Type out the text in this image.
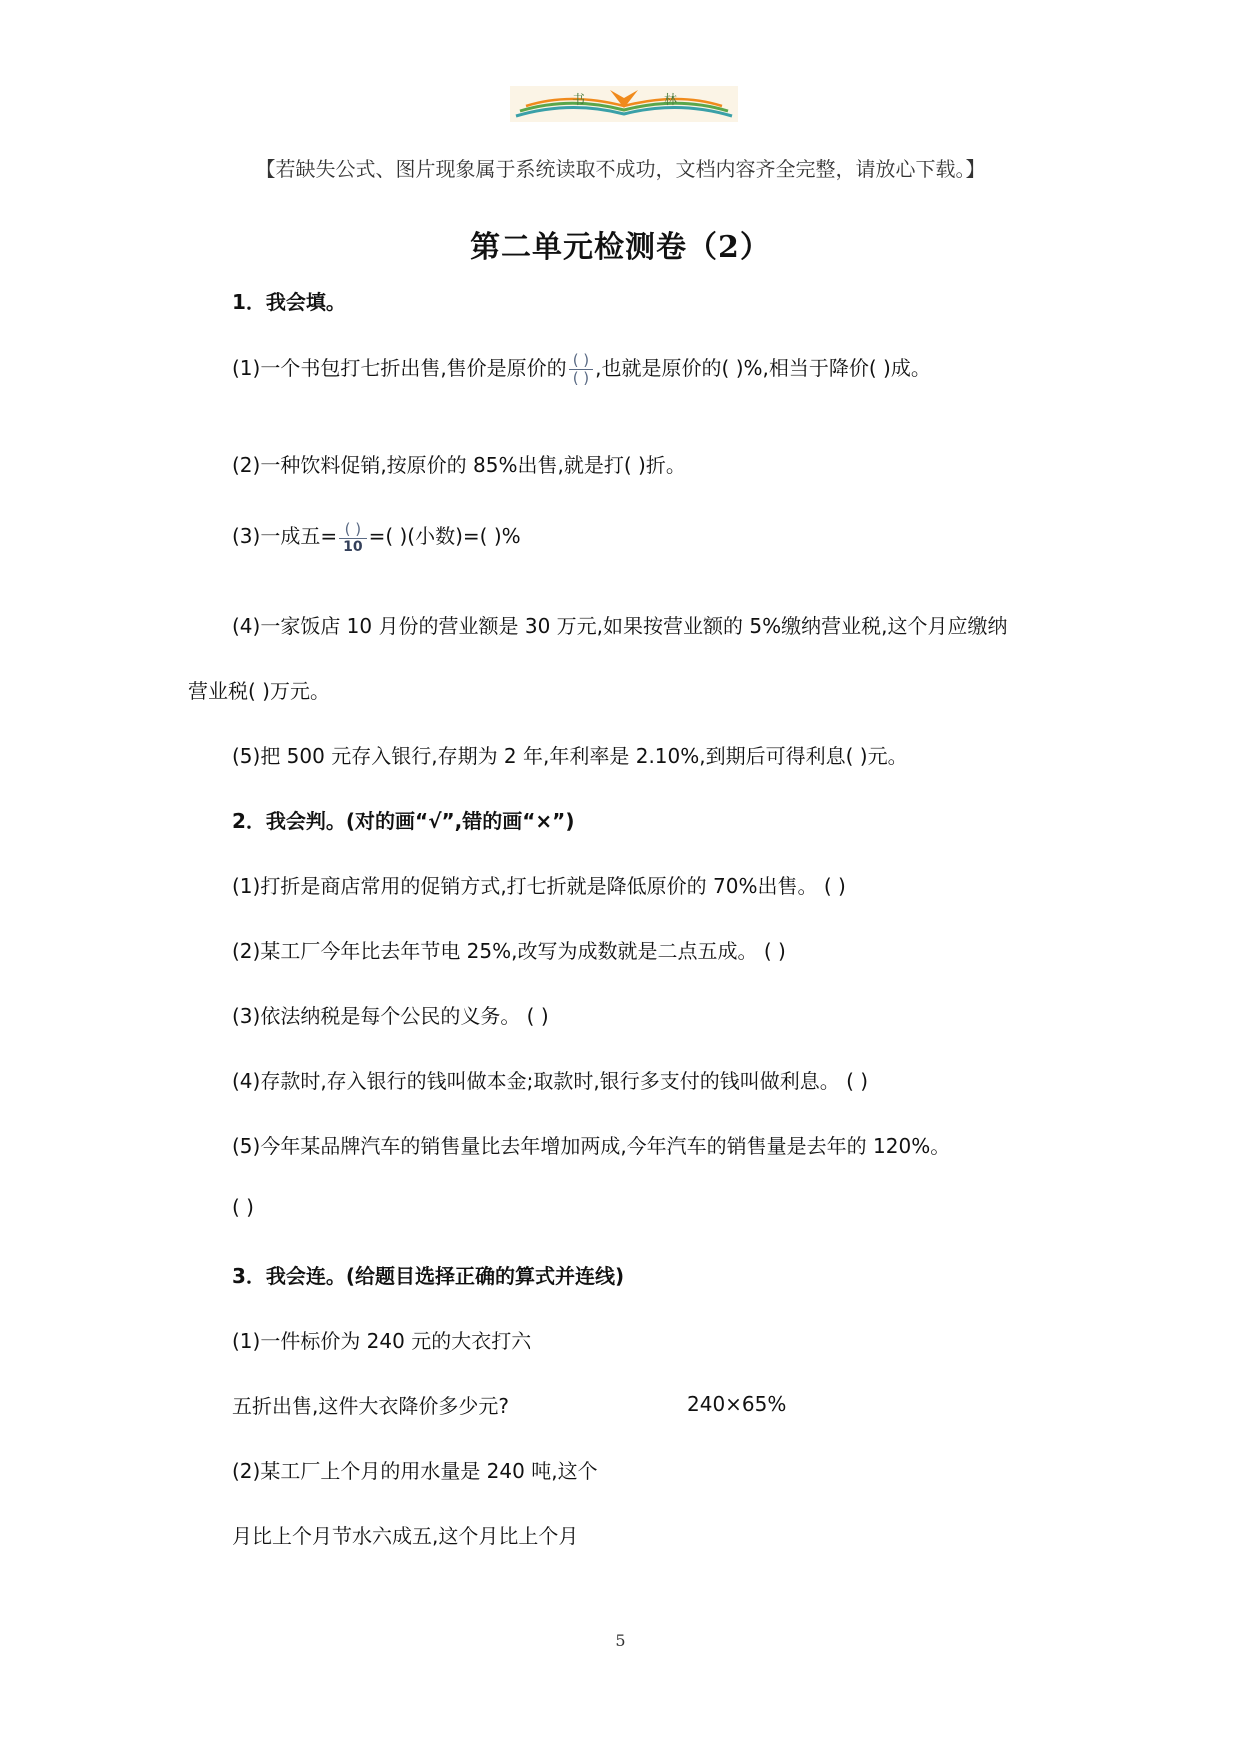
书	林
【若缺失公式、图片现象属于系统读取不成功，文档内容齐全完整，请放心下载。】
第二单元检测卷（2）
1．我会填。
(1)一个书包打七折出售,售价是原价的 $\frac{( )}{( )}$ ,也就是原价的( )%,相当于降价( )成。
(2)一种饮料促销,按原价的 85%出售,就是打( )折。
(3)一成五= $\frac{( )}{10}$ =( )(小数)=( )%
(4)一家饭店 10 月份的营业额是 30 万元,如果按营业额的 5%缴纳营业税,这个月应缴纳
营业税( )万元。
(5)把 500 元存入银行,存期为 2 年,年利率是 2.10%,到期后可得利息( )元。
2．我会判。(对的画“√”,错的画“×”)
(1)打折是商店常用的促销方式,打七折就是降低原价的 70%出售。 ( )
(2)某工厂今年比去年节电 25%,改写为成数就是二点五成。 ( )
(3)依法纳税是每个公民的义务。 ( )
(4)存款时,存入银行的钱叫做本金;取款时,银行多支付的钱叫做利息。 ( )
(5)今年某品牌汽车的销售量比去年增加两成,今年汽车的销售量是去年的 120%。
( )
3．我会连。(给题目选择正确的算式并连线)
(1)一件标价为 240 元的大衣打六
五折出售,这件大衣降价多少元?	240×65%
(2)某工厂上个月的用水量是 240 吨,这个
月比上个月节水六成五,这个月比上个月
5
